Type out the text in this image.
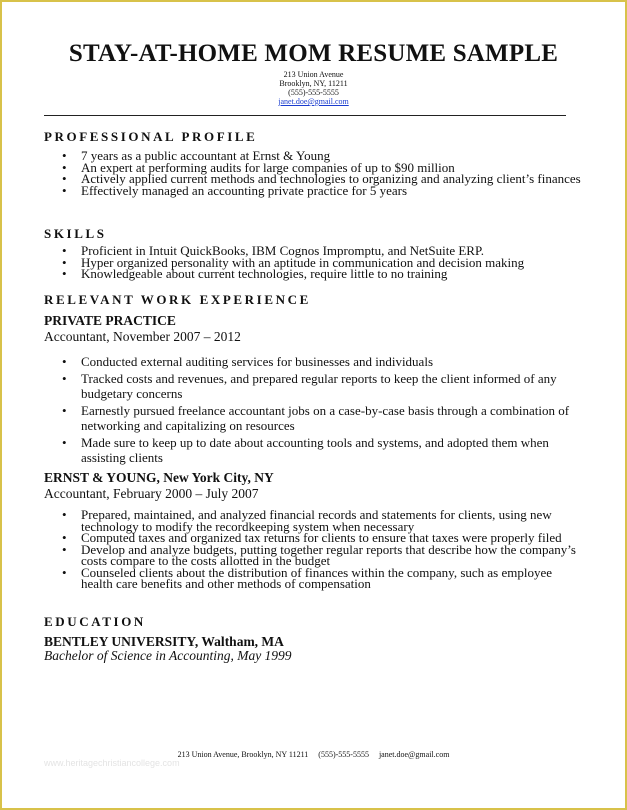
STAY-AT-HOME MOM RESUME SAMPLE
213 Union Avenue
Brooklyn, NY, 11211
(555)-555-5555
janet.doe@gmail.com
PROFESSIONAL PROFILE
• 7 years as a public accountant at Ernst & Young
• An expert at performing audits for large companies of up to $90 million
• Actively applied current methods and technologies to organizing and analyzing client’s finances
• Effectively managed an accounting private practice for 5 years
SKILLS
• Proficient in Intuit QuickBooks, IBM Cognos Impromptu, and NetSuite ERP.
• Hyper organized personality with an aptitude in communication and decision making
• Knowledgeable about current technologies, require little to no training
RELEVANT WORK EXPERIENCE
PRIVATE PRACTICE
Accountant, November 2007 – 2012
• Conducted external auditing services for businesses and individuals
• Tracked costs and revenues, and prepared regular reports to keep the client informed of any budgetary concerns
• Earnestly pursued freelance accountant jobs on a case-by-case basis through a combination of networking and capitalizing on resources
• Made sure to keep up to date about accounting tools and systems, and adopted them when assisting clients
ERNST & YOUNG, New York City, NY
Accountant, February 2000 – July 2007
• Prepared, maintained, and analyzed financial records and statements for clients, using new technology to modify the recordkeeping system when necessary
• Computed taxes and organized tax returns for clients to ensure that taxes were properly filed
• Develop and analyze budgets, putting together regular reports that describe how the company’s costs compare to the costs allotted in the budget
• Counseled clients about the distribution of finances within the company, such as employee health care benefits and other methods of compensation
EDUCATION
BENTLEY UNIVERSITY, Waltham, MA
Bachelor of Science in Accounting, May 1999
213 Union Avenue, Brooklyn, NY 11211 (555)-555-5555 janet.doe@gmail.com
www.heritagechristiancollege.com
